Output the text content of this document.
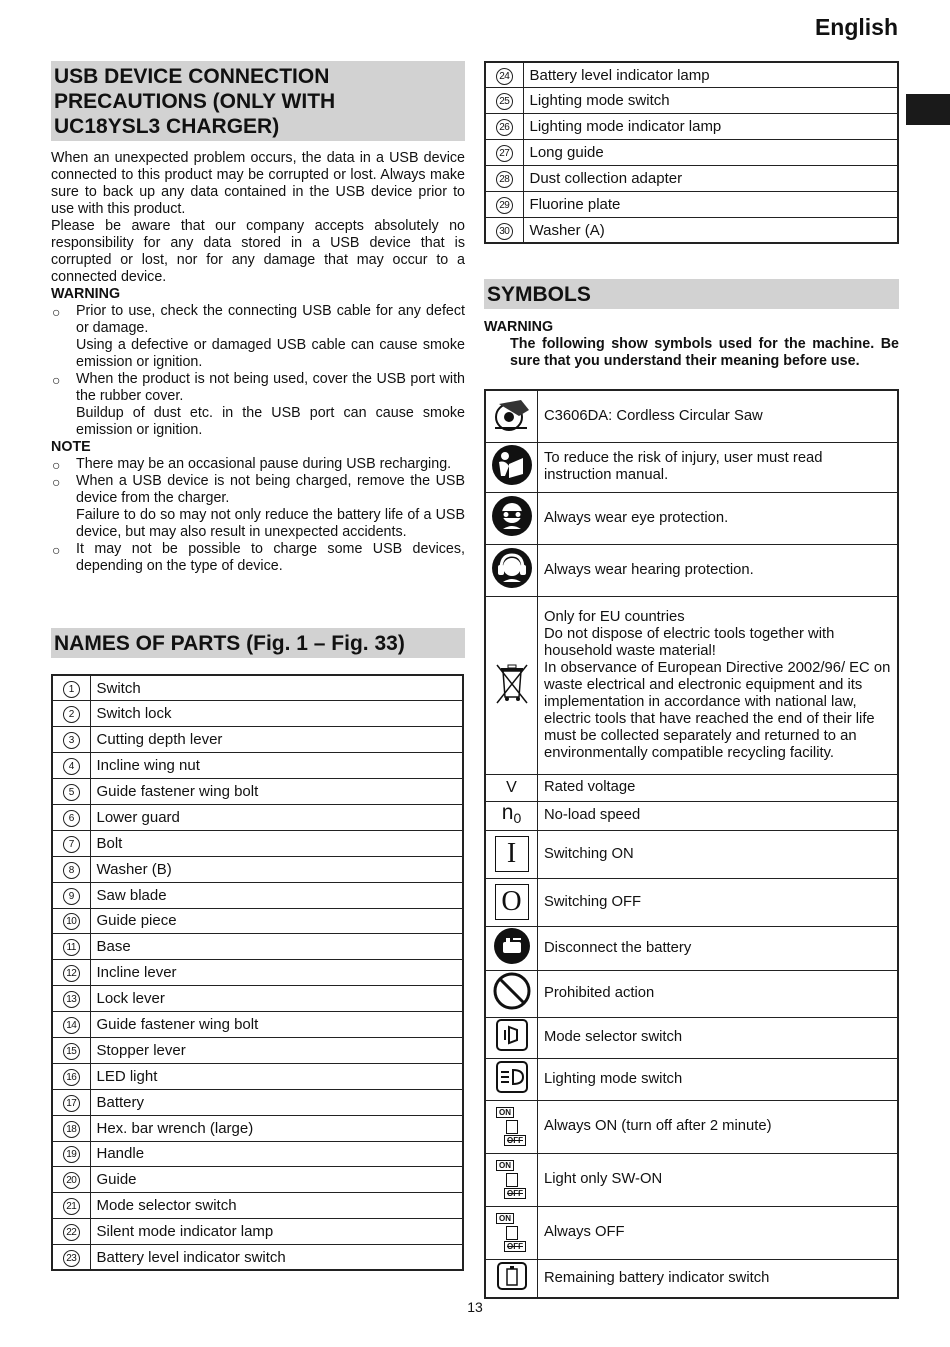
English
USB DEVICE CONNECTION PRECAUTIONS (ONLY WITH UC18YSL3 CHARGER)

When an unexpected problem occurs, the data in a USB device connected to this product may be corrupted or lost. Always make sure to back up any data contained in the USB device prior to use with this product.

Please be aware that our company accepts absolutely no responsibility for any data stored in a USB device that is corrupted or lost, nor for any damage that may occur to a connected device.

WARNING
○ Prior to use, check the connecting USB cable for any defect or damage.
Using a defective or damaged USB cable can cause smoke emission or ignition.
○ When the product is not being used, cover the USB port with the rubber cover.
Buildup of dust etc. in the USB port can cause smoke emission or ignition.
NOTE
○ There may be an occasional pause during USB recharging.
○ When a USB device is not being charged, remove the USB device from the charger.
Failure to do so may not only reduce the battery life of a USB device, but may also result in unexpected accidents.
○ It may not be possible to charge some USB devices, depending on the type of device.
NAMES OF PARTS (Fig. 1 – Fig. 33)
1	Switch
2	Switch lock
3	Cutting depth lever
4	Incline wing nut
5	Guide fastener wing bolt
6	Lower guard
7	Bolt
8	Washer (B)
9	Saw blade
10	Guide piece
11	Base
12	Incline lever
13	Lock lever
14	Guide fastener wing bolt
15	Stopper lever
16	LED light
17	Battery
18	Hex. bar wrench (large)
19	Handle
20	Guide
21	Mode selector switch
22	Silent mode indicator lamp
23	Battery level indicator switch
24	Battery level indicator lamp
25	Lighting mode switch
26	Lighting mode indicator lamp
27	Long guide
28	Dust collection adapter
29	Fluorine plate
30	Washer (A)
SYMBOLS
WARNING
The following show symbols used for the machine. Be sure that you understand their meaning before use.
	C3606DA: Cordless Circular Saw
	To reduce the risk of injury, user must read instruction manual.
	Always wear eye protection.
	Always wear hearing protection.

Only for EU countries
Do not dispose of electric tools together with household waste material!
In observance of European Directive 2002/96/ EC on waste electrical and electronic equipment and its implementation in accordance with national law, electric tools that have reached the end of their life must be collected separately and returned to an environmentally compatible recycling facility.

V	Rated voltage
n0	No-load speed
I	Switching ON
O	Switching OFF
	Disconnect the battery
	Prohibited action
	Mode selector switch
	Lighting mode switch

ON

OFF	Always ON (turn off after 2 minute)

ON

OFF	Light only SW-ON

ON

OFF	Always OFF
	Remaining battery indicator switch
13
